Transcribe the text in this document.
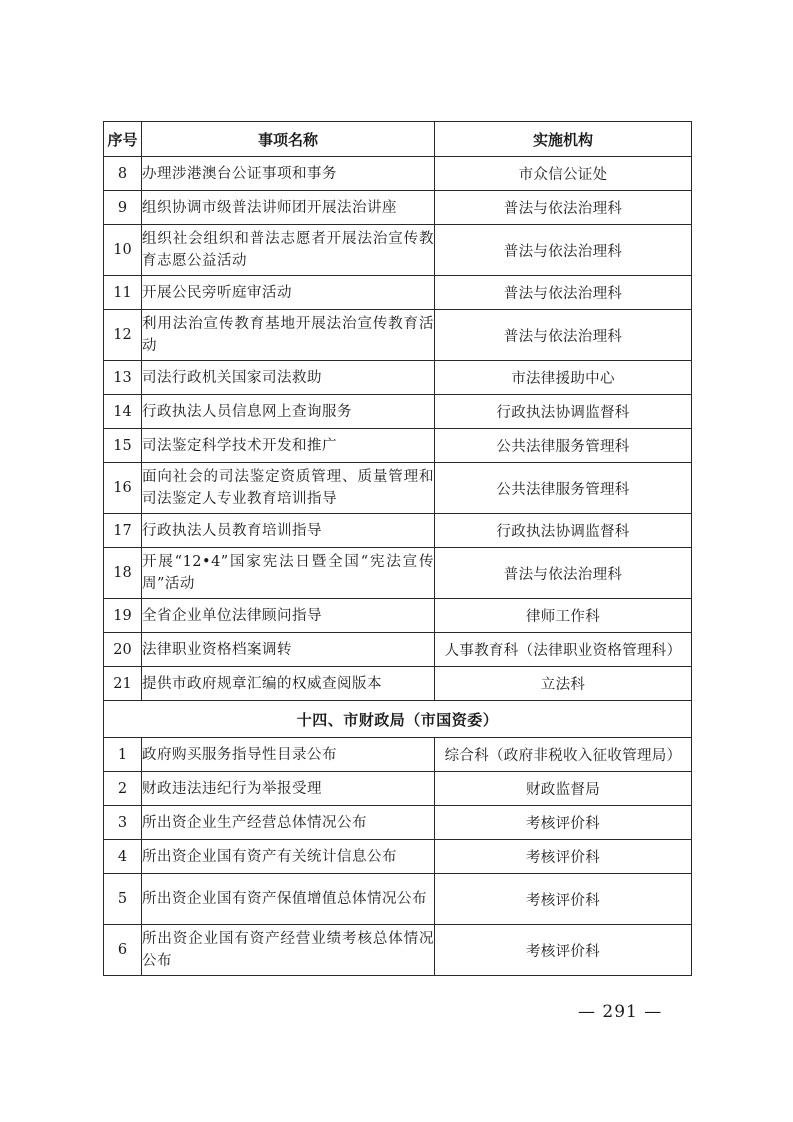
序号	事项名称	实施机构
8	办理涉港澳台公证事项和事务	市众信公证处
9	组织协调市级普法讲师团开展法治讲座	普法与依法治理科
10	组织社会组织和普法志愿者开展法治宣传教育志愿公益活动	普法与依法治理科
11	开展公民旁听庭审活动	普法与依法治理科
12	利用法治宣传教育基地开展法治宣传教育活动	普法与依法治理科
13	司法行政机关国家司法救助	市法律援助中心
14	行政执法人员信息网上查询服务	行政执法协调监督科
15	司法鉴定科学技术开发和推广	公共法律服务管理科
16	面向社会的司法鉴定资质管理、质量管理和司法鉴定人专业教育培训指导	公共法律服务管理科
17	行政执法人员教育培训指导	行政执法协调监督科
18	开展“12•4”国家宪法日暨全国“宪法宣传周”活动	普法与依法治理科
19	全省企业单位法律顾问指导	律师工作科
20	法律职业资格档案调转	人事教育科（法律职业资格管理科）
21	提供市政府规章汇编的权威查阅版本	立法科
十四、市财政局（市国资委）		
1	政府购买服务指导性目录公布	综合科（政府非税收入征收管理局）
2	财政违法违纪行为举报受理	财政监督局
3	所出资企业生产经营总体情况公布	考核评价科
4	所出资企业国有资产有关统计信息公布	考核评价科
5	所出资企业国有资产保值增值总体情况公布	考核评价科
6	所出资企业国有资产经营业绩考核总体情况公布	考核评价科
— 291 —
